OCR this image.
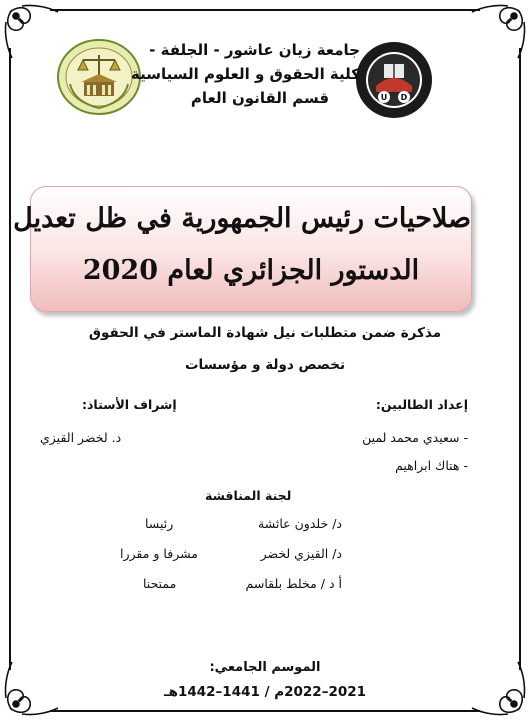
U D
جامعة زيان عاشور - الجلفة -
كلية الحقوق و العلوم السياسية
قسم القانون العام
صلاحيات رئيس الجمهورية في ظل تعديل
الدستور الجزائري لعام 2020
مذكرة ضمن متطلبات نيل شهادة الماستر في الحقوق
تخصص دولة و مؤسسات
إعداد الطالبين:
- سعيدي محمد لمين
- هتاك ابراهيم
إشراف الأستاذ:
د. لخضر القيزي
لجنة المناقشة
د/ خلدون عائشة
رئيسا
د/ القيزي لخضر
مشرفا و مقررا
أ د / مخلط بلقاسم
ممتحنا
الموسم الجامعي:
2021–2022م / 1441–1442هـ
